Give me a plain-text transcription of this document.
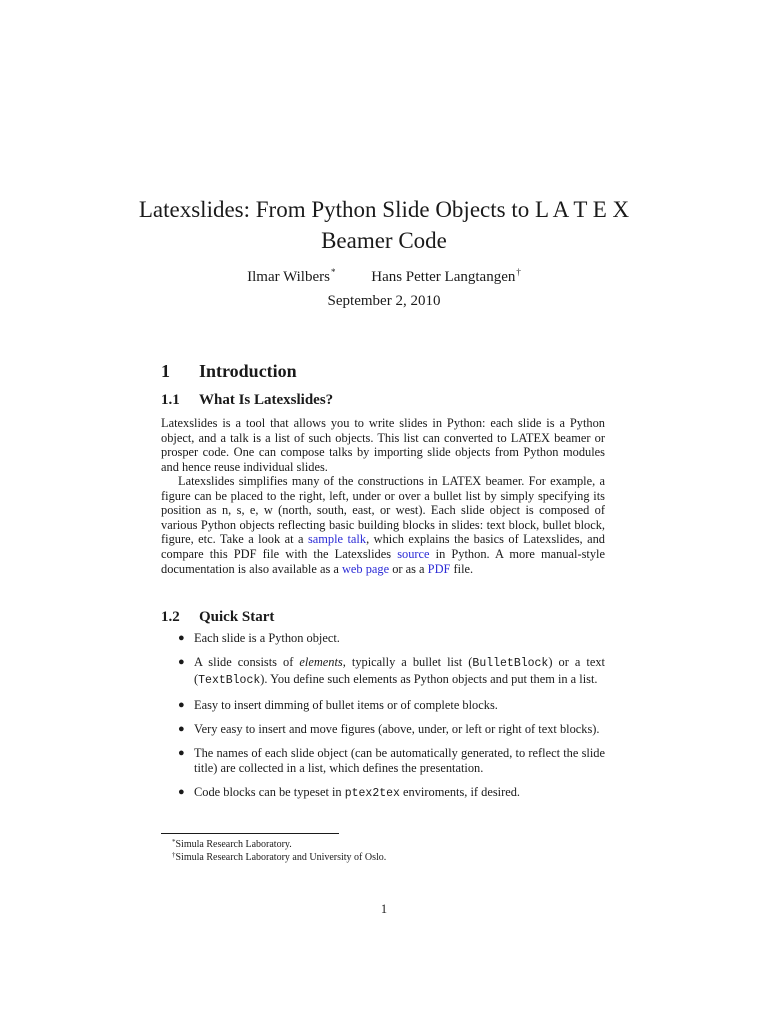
Latexslides: From Python Slide Objects to L A T E X
Beamer Code
Ilmar Wilbers* Hans Petter Langtangen†
September 2, 2010
1 Introduction
1.1 What Is Latexslides?
Latexslides is a tool that allows you to write slides in Python: each slide is a Python object, and a talk is a list of such objects. This list can converted to LATEX beamer or prosper code. One can compose talks by importing slide objects from Python modules and hence reuse individual slides.
Latexslides simplifies many of the constructions in LATEX beamer. For example, a figure can be placed to the right, left, under or over a bullet list by simply specifying its position as n, s, e, w (north, south, east, or west). Each slide object is composed of various Python objects reflecting basic building blocks in slides: text block, bullet block, figure, etc. Take a look at a sample talk, which explains the basics of Latexslides, and compare this PDF file with the Latexslides source in Python. A more manual-style documentation is also available as a web page or as a PDF file.
1.2 Quick Start
● Each slide is a Python object.
● A slide consists of elements, typically a bullet list (BulletBlock) or a text (TextBlock). You define such elements as Python objects and put them in a list.
● Easy to insert dimming of bullet items or of complete blocks.
● Very easy to insert and move figures (above, under, or left or right of text blocks).
● The names of each slide object (can be automatically generated, to reflect the slide title) are collected in a list, which defines the presentation.
● Code blocks can be typeset in ptex2tex enviroments, if desired.
*Simula Research Laboratory.
†Simula Research Laboratory and University of Oslo.
1
